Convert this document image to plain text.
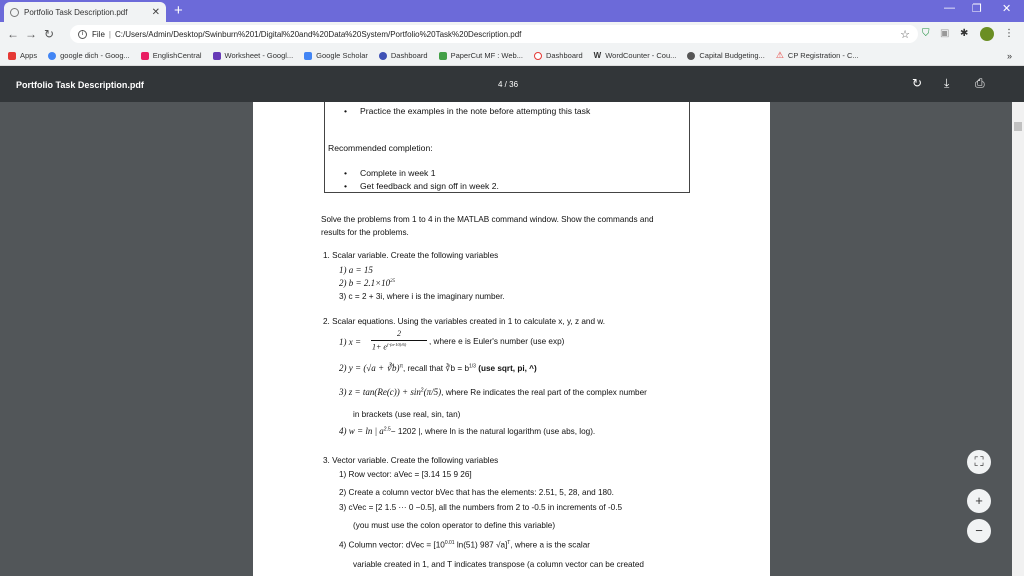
Portfolio Task Description.pdf	✕ +	— ❐ ✕
← → ↻	i	File | C:/Users/Admin/Desktop/Swinburn%201/Digital%20and%20Data%20System/Portfolio%20Task%20Description.pdf	☆ ⛉ ▣ ✱	⋮
Apps	google dich - Goog...	EnglishCentral	Worksheet - Googl...	Google Scholar	Dashboard	PaperCut MF : Web...	Dashboard W WordCounter - Cou...	Capital Budgeting... ⚠ CP Registration - C...	»
Portfolio Task Description.pdf	4 / 36	↻ ⤓ ⎙
• Practice the examples in the note before attempting this task
Recommended completion:
• Complete in week 1
• Get feedback and sign off in week 2.
Solve the problems from 1 to 4 in the MATLAB command window. Show the commands and
results for the problems.
1. Scalar variable. Create the following variables
1) a = 15
2) $b = 2.1\times 10^{25}$
3) c = 2 + 3i, where i is the imaginary number.
2. Scalar equations. Using the variables created in 1 to calculate x, y, z and w.
1) x =
2
$1+ e^{(-(a-10)/6)}$	, where e is Euler's number (use exp)
2) y = (√a + ∛b)$^\pi$, recall that ∛b = $b^{1/3}$ (use sqrt, pi, ^)
3) $z = \tan(Re(c)) + \sin^2(\pi/5)$, where Re indicates the real part of the complex number
in brackets (use real, sin, tan)
4) w = ln | $a^{2.5}- 1202$ |, where ln is the natural logarithm (use abs, log).
3. Vector variable. Create the following variables
1) Row vector: aVec = [3.14 15 9 26]
2) Create a column vector bVec that has the elements: 2.51, 5, 28, and 180.
3) cVec = [2 1.5 ··· 0 −0.5], all the numbers from 2 to -0.5 in increments of -0.5
(you must use the colon operator to define this variable)
4) Column vector: dVec = [$10^{0.01}$ ln(51) 987 √a]$^T$, where a is the scalar
variable created in 1, and T indicates transpose (a column vector can be created
⛶
+
−
